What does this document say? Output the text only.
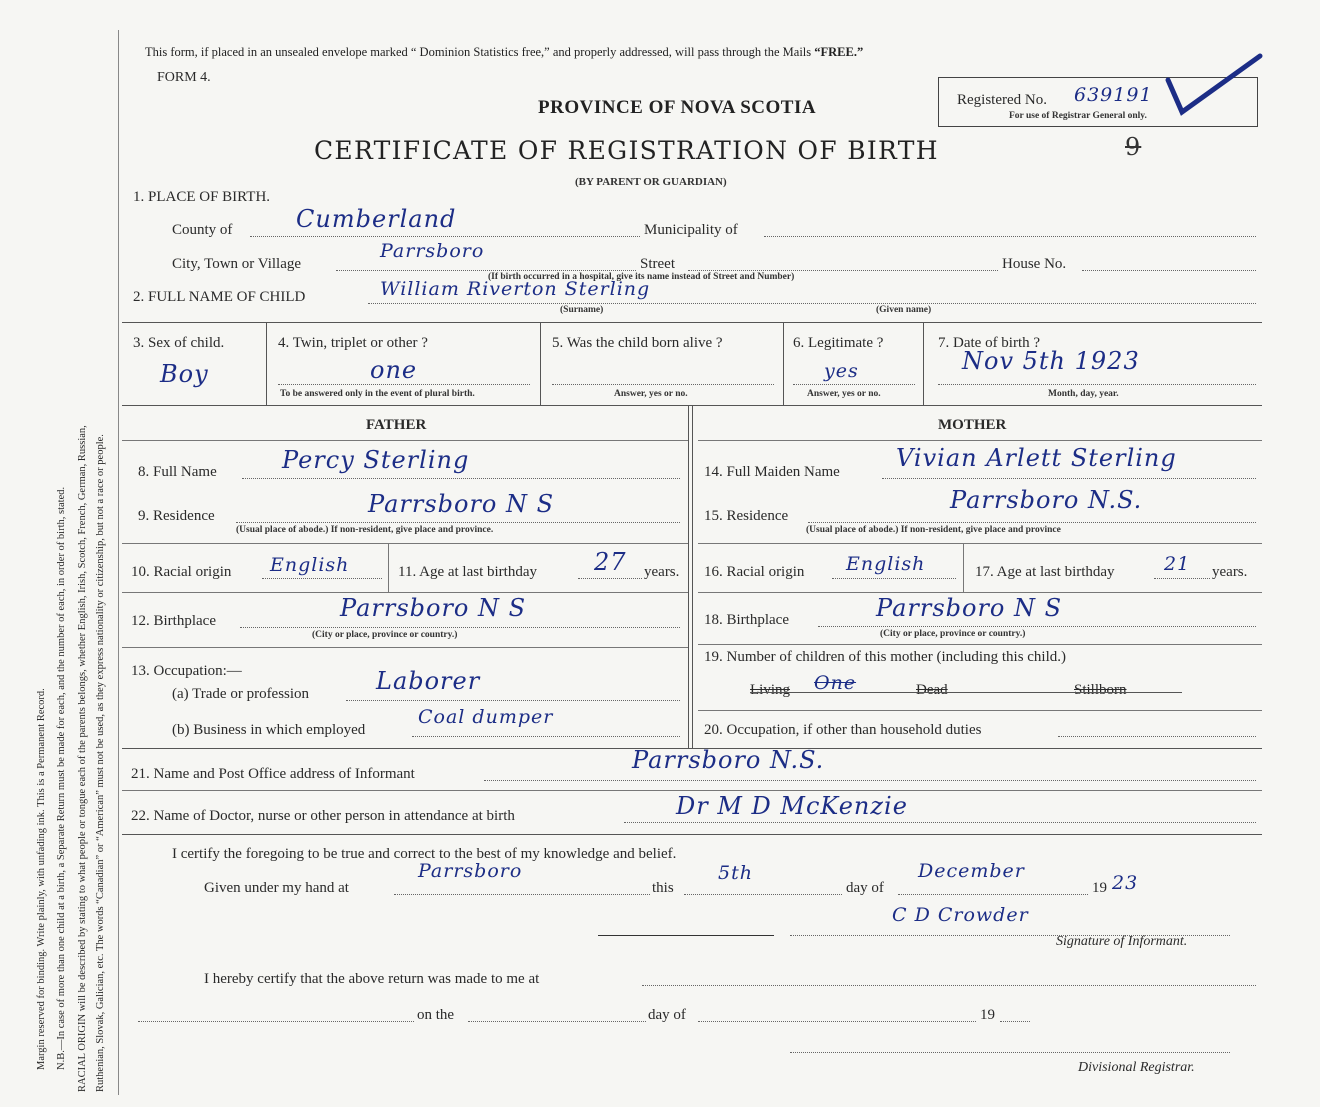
Margin reserved for binding. Write plainly, with unfading ink. This is a Permanent Record. N.B.—In case of more than one child at a birth, a Separate Return must be made for each, and the number of each, in order of birth, stated. RACIAL ORIGIN will be described by stating to what people or tongue each of the parents belongs, whether English, Irish, Scotch, French, German, Russian, Ruthenian, Slovak, Galician, etc. The words “Canadian” or “American” must not be used, as they express nationality or citizenship, but not a race or people.
This form, if placed in an unsealed envelope marked “ Dominion Statistics free,” and properly addressed, will pass through the Mails “FREE.”
FORM 4.
PROVINCE OF NOVA SCOTIA	Registered No. 639191
For use of Registrar General only.
CERTIFICATE OF REGISTRATION OF BIRTH	9
(BY PARENT OR GUARDIAN)
1. PLACE OF BIRTH.
County of	Cumberland	Municipality of
City, Town or Village
Parrsboro
Street	House No.
(If birth occurred in a hospital, give its name instead of Street and Number)
2. FULL NAME OF CHILD	William Riverton Sterling
(Surname)	(Given name)
3. Sex of child.
Boy
4. Twin, triplet or other ?
one
To be answered only in the event of plural birth.
5. Was the child born alive ?
Answer, yes or no.
6. Legitimate ?
yes
Answer, yes or no.
7. Date of birth ?
Nov 5th 1923
Month, day, year.
FATHER	MOTHER
8. Full Name	Percy Sterling
9. Residence	Parrsboro N S
(Usual place of abode.) If non-resident, give place and province.
10. Racial origin English	11. Age at last birthday 27 years.
12. Birthplace	Parrsboro N S
(City or place, province or country.)
13. Occupation:—
(a) Trade or profession	Laborer
(b) Business in which employed
Coal dumper
14. Full Maiden Name Vivian Arlett Sterling
15. Residence
Parrsboro N.S.
(Usual place of abode.) If non-resident, give place and province
16. Racial origin English	17. Age at last birthday	21 years.
18. Birthplace	Parrsboro N S
(City or place, province or country.)
19. Number of children of this mother (including this child.)
Living One	Dead	Stillborn
20. Occupation, if other than household duties
21. Name and Post Office address of Informant	Parrsboro N.S.
22. Name of Doctor, nurse or other person in attendance at birth	Dr M D McKenzie
I certify the foregoing to be true and correct to the best of my knowledge and belief.
Given under my hand at
Parrsboro
this
5th
day of
December
19 23
C D Crowder
Signature of Informant.
I hereby certify that the above return was made to me at
on the	day of	19
Divisional Registrar.
